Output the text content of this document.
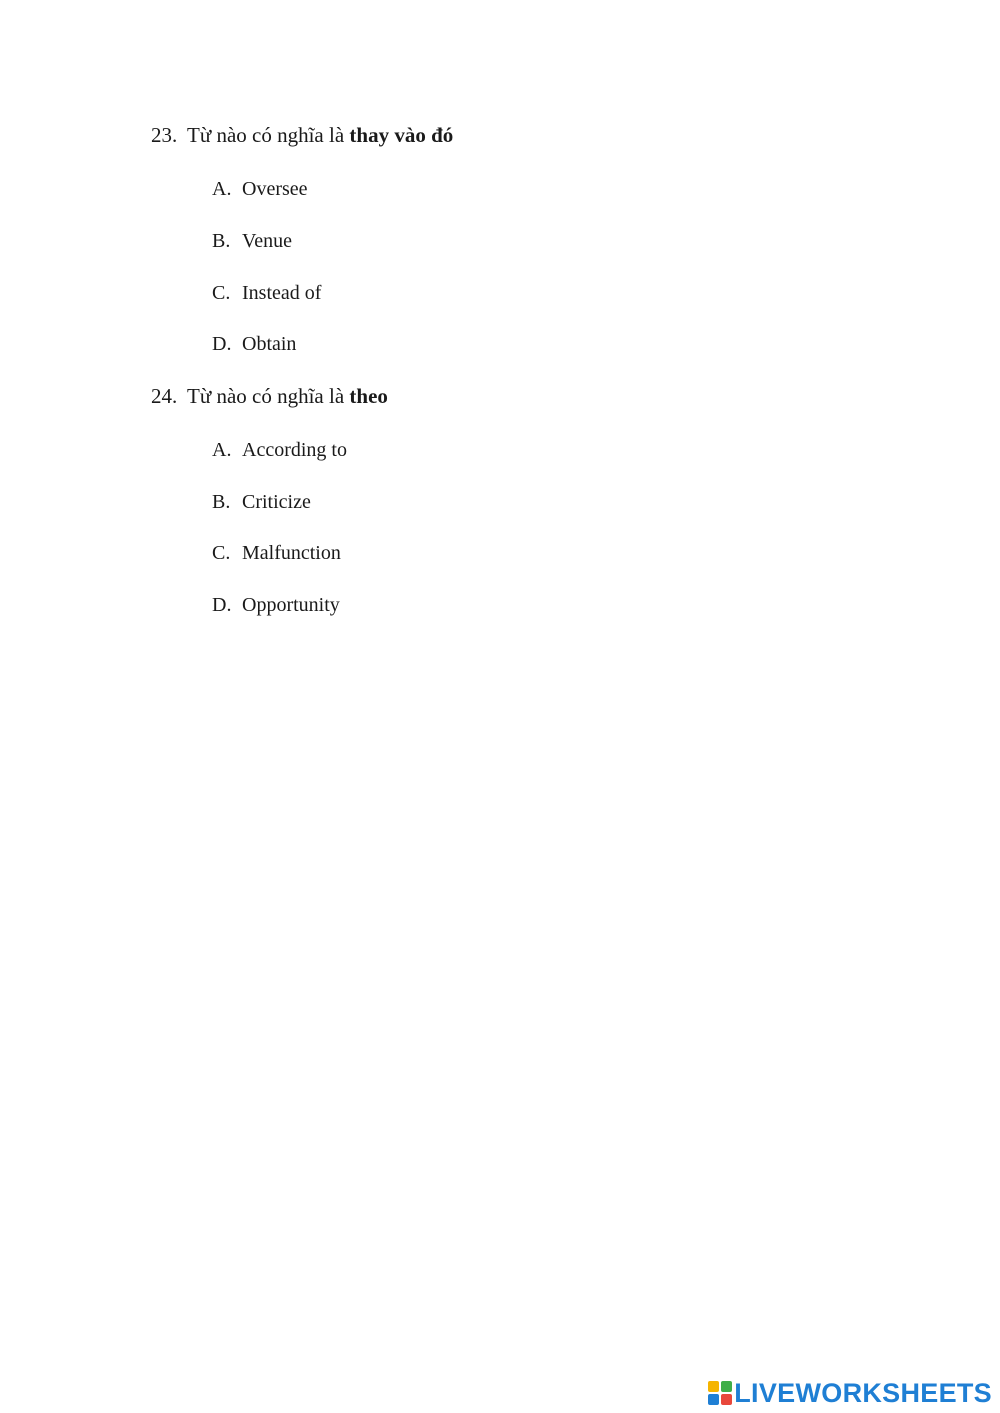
23. Từ nào có nghĩa là thay vào đó
A. Oversee
B. Venue
C. Instead of
D. Obtain
24. Từ nào có nghĩa là theo
A. According to
B. Criticize
C. Malfunction
D. Opportunity
LIVEWORKSHEETS
